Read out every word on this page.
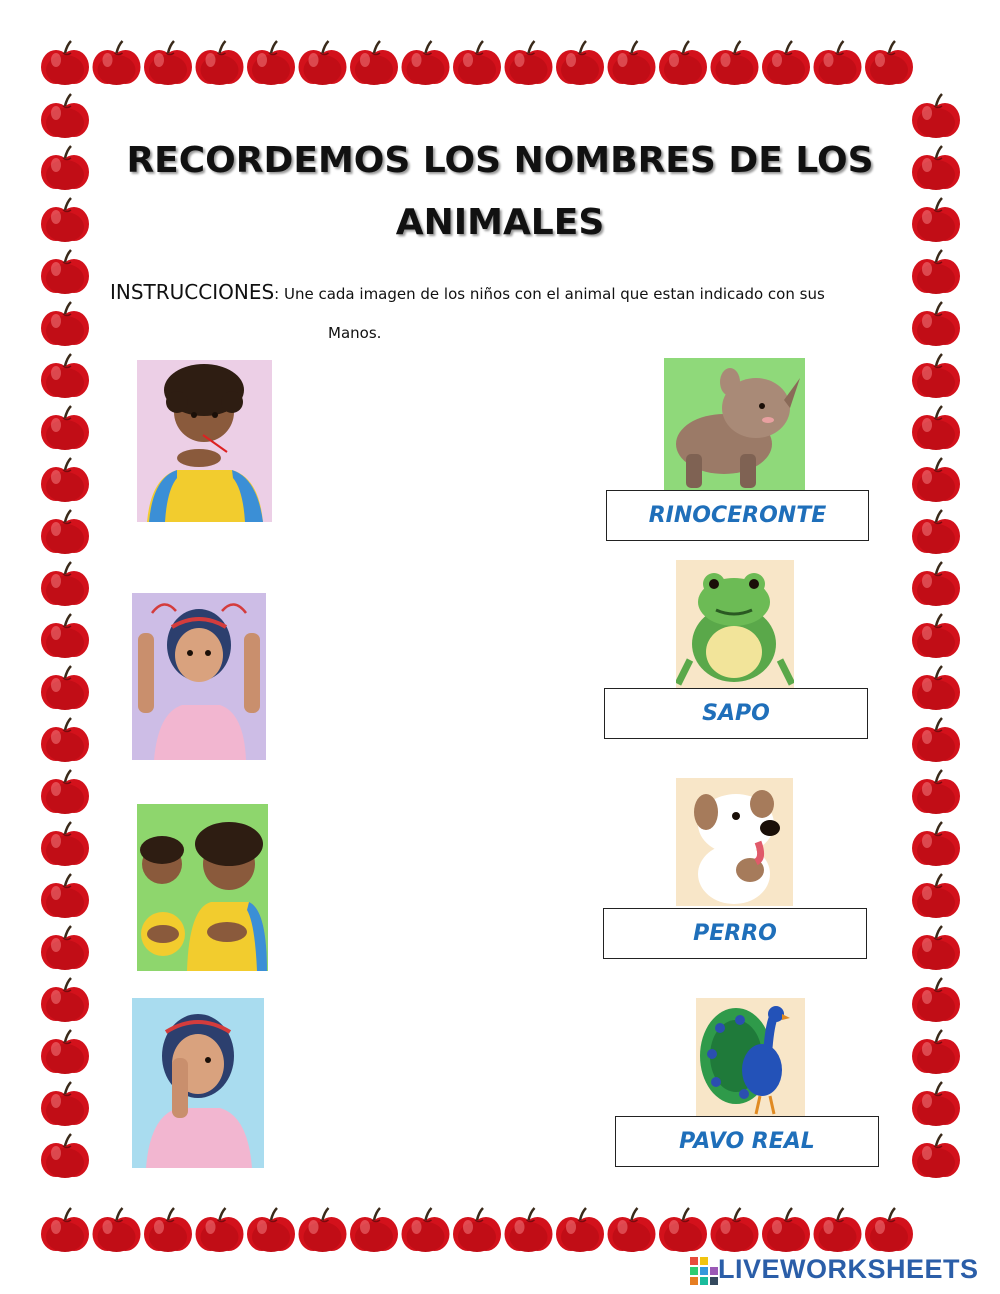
RECORDEMOS LOS NOMBRES DE LOS
ANIMALES
INSTRUCCIONES: Une cada imagen de los niños con el animal que estan indicado con sus
Manos.
RINOCERONTE
SAPO
PERRO
PAVO REAL
LIVEWORKSHEETS
